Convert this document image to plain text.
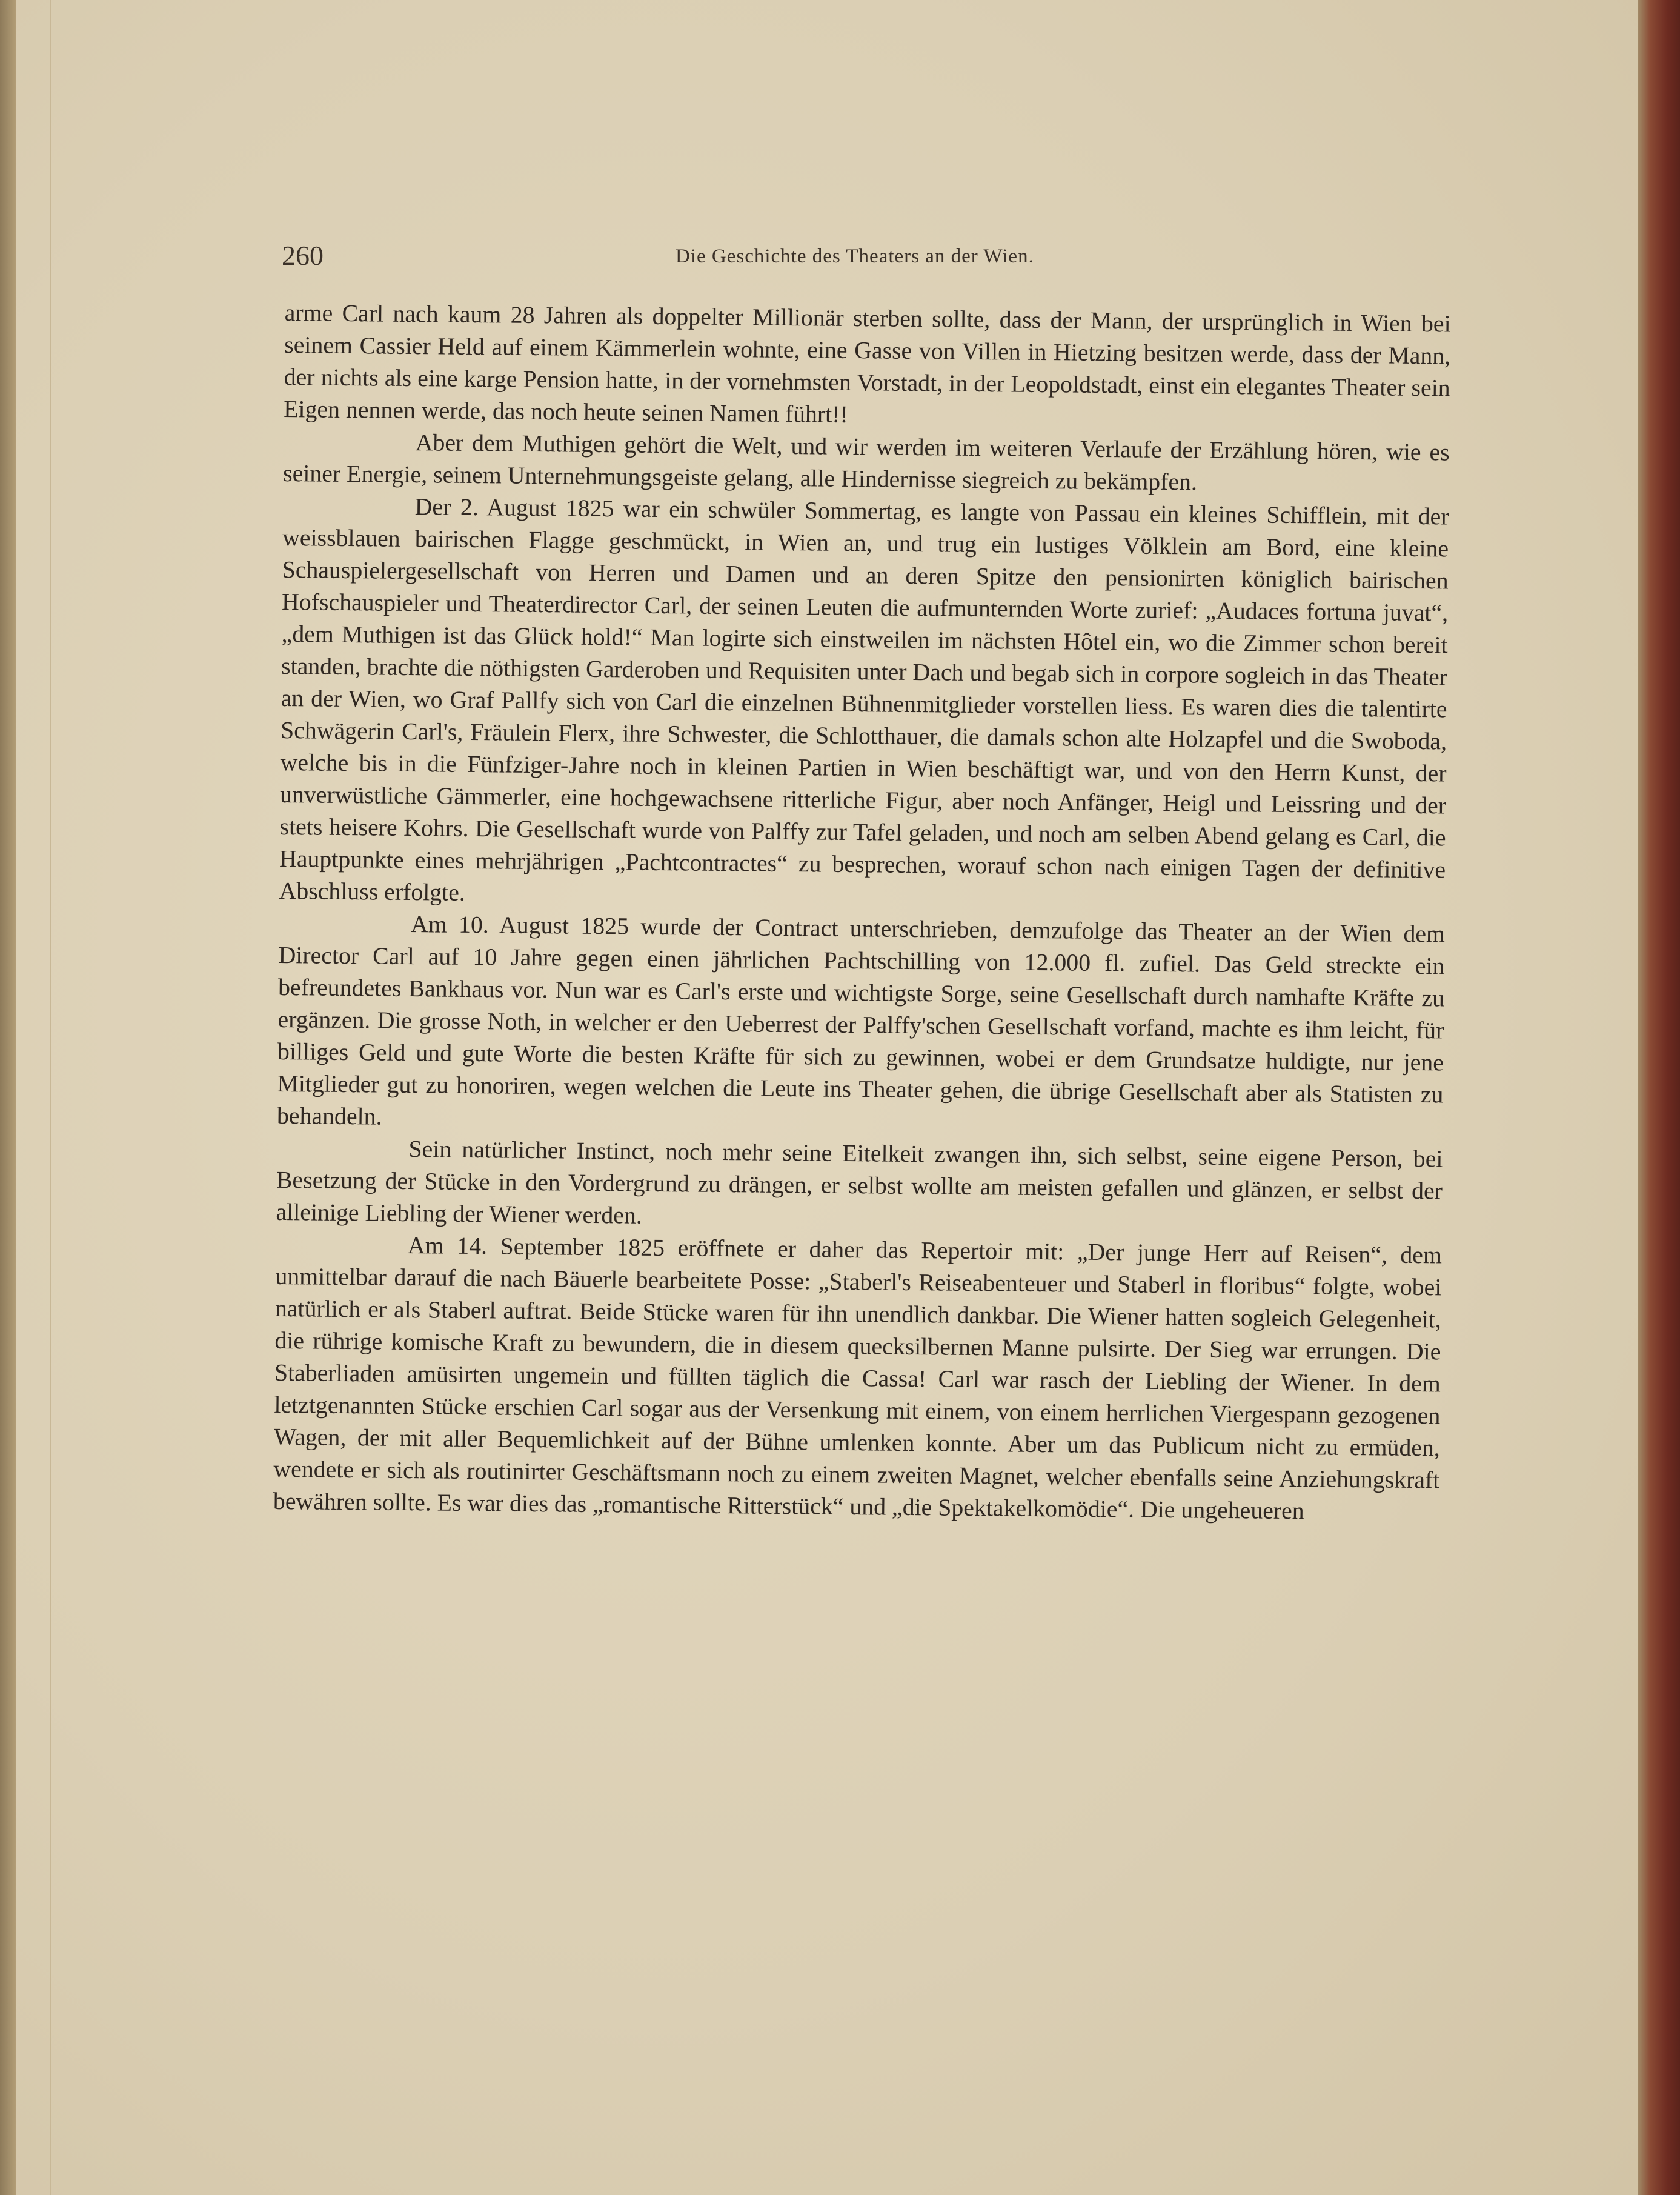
260	Die Geschichte des Theaters an der Wien.

arme Carl nach kaum 28 Jahren als doppelter Millionär sterben sollte, dass der Mann, der ursprünglich in Wien bei seinem Cassier Held auf einem Kämmerlein wohnte, eine Gasse von Villen in Hietzing besitzen werde, dass der Mann, der nichts als eine karge Pension hatte, in der vornehmsten Vorstadt, in der Leopoldstadt, einst ein elegantes Theater sein Eigen nennen werde, das noch heute seinen Namen führt!!

Aber dem Muthigen gehört die Welt, und wir werden im weiteren Verlaufe der Erzählung hören, wie es seiner Energie, seinem Unternehmungsgeiste gelang, alle Hindernisse siegreich zu bekämpfen.

Der 2. August 1825 war ein schwüler Sommertag, es langte von Passau ein kleines Schifflein, mit der weissblauen bairischen Flagge geschmückt, in Wien an, und trug ein lustiges Völklein am Bord, eine kleine Schauspielergesellschaft von Herren und Damen und an deren Spitze den pensionirten königlich bairischen Hofschauspieler und Theaterdirector Carl, der seinen Leuten die aufmunternden Worte zurief: „Audaces fortuna juvat“, „dem Muthigen ist das Glück hold!“ Man logirte sich einstweilen im nächsten Hôtel ein, wo die Zimmer schon bereit standen, brachte die nöthigsten Garderoben und Requisiten unter Dach und begab sich in corpore sogleich in das Theater an der Wien, wo Graf Pallfy sich von Carl die einzelnen Bühnenmitglieder vorstellen liess. Es waren dies die talentirte Schwägerin Carl's, Fräulein Flerx, ihre Schwester, die Schlotthauer, die damals schon alte Holzapfel und die Swoboda, welche bis in die Fünfziger-Jahre noch in kleinen Partien in Wien beschäftigt war, und von den Herrn Kunst, der unverwüstliche Gämmerler, eine hochgewachsene ritterliche Figur, aber noch Anfänger, Heigl und Leissring und der stets heisere Kohrs. Die Gesellschaft wurde von Palffy zur Tafel geladen, und noch am selben Abend gelang es Carl, die Hauptpunkte eines mehrjährigen „Pachtcontractes“ zu besprechen, worauf schon nach einigen Tagen der definitive Abschluss erfolgte.

Am 10. August 1825 wurde der Contract unterschrieben, demzufolge das Theater an der Wien dem Director Carl auf 10 Jahre gegen einen jährlichen Pachtschilling von 12.000 fl. zufiel. Das Geld streckte ein befreundetes Bankhaus vor. Nun war es Carl's erste und wichtigste Sorge, seine Gesellschaft durch namhafte Kräfte zu ergänzen. Die grosse Noth, in welcher er den Ueberrest der Palffy'schen Gesellschaft vorfand, machte es ihm leicht, für billiges Geld und gute Worte die besten Kräfte für sich zu gewinnen, wobei er dem Grundsatze huldigte, nur jene Mitglieder gut zu honoriren, wegen welchen die Leute ins Theater gehen, die übrige Gesellschaft aber als Statisten zu behandeln.

Sein natürlicher Instinct, noch mehr seine Eitelkeit zwangen ihn, sich selbst, seine eigene Person, bei Besetzung der Stücke in den Vordergrund zu drängen, er selbst wollte am meisten gefallen und glänzen, er selbst der alleinige Liebling der Wiener werden.

Am 14. September 1825 eröffnete er daher das Repertoir mit: „Der junge Herr auf Reisen“, dem unmittelbar darauf die nach Bäuerle bearbeitete Posse: „Staberl's Reiseabenteuer und Staberl in floribus“ folgte, wobei natürlich er als Staberl auftrat. Beide Stücke waren für ihn unendlich dankbar. Die Wiener hatten sogleich Gelegenheit, die rührige komische Kraft zu bewundern, die in diesem quecksilbernen Manne pulsirte. Der Sieg war errungen. Die Staberliaden amüsirten ungemein und füllten täglich die Cassa! Carl war rasch der Liebling der Wiener. In dem letztgenannten Stücke erschien Carl sogar aus der Versenkung mit einem, von einem herrlichen Viergespann gezogenen Wagen, der mit aller Bequemlichkeit auf der Bühne umlenken konnte. Aber um das Publicum nicht zu ermüden, wendete er sich als routinirter Geschäftsmann noch zu einem zweiten Magnet, welcher ebenfalls seine Anziehungskraft bewähren sollte. Es war dies das „romantische Ritterstück“ und „die Spektakelkomödie“. Die ungeheueren
